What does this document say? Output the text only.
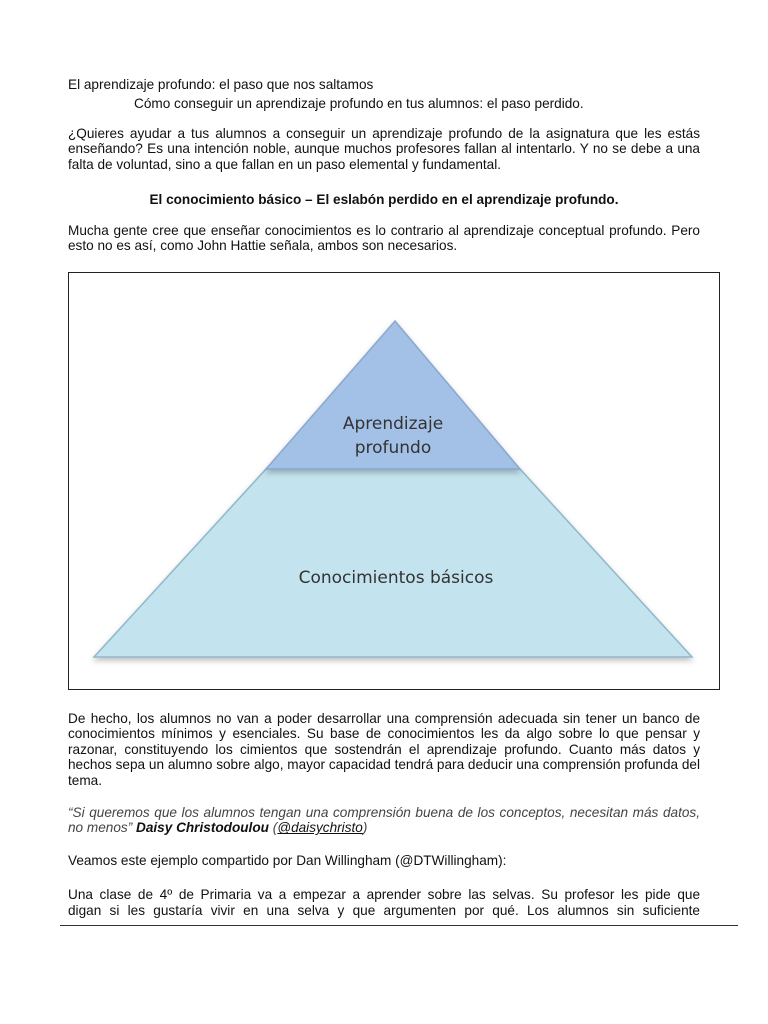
El aprendizaje profundo: el paso que nos saltamos
Cómo conseguir un aprendizaje profundo en tus alumnos: el paso perdido.
¿Quieres ayudar a tus alumnos a conseguir un aprendizaje profundo de la asignatura que les estás enseñando? Es una intención noble, aunque muchos profesores fallan al intentarlo. Y no se debe a una falta de voluntad, sino a que fallan en un paso elemental y fundamental.
El conocimiento básico – El eslabón perdido en el aprendizaje profundo.
Mucha gente cree que enseñar conocimientos es lo contrario al aprendizaje conceptual profundo. Pero esto no es así, como John Hattie señala, ambos son necesarios.
Aprendizaje
profundo
Conocimientos básicos
De hecho, los alumnos no van a poder desarrollar una comprensión adecuada sin tener un banco de conocimientos mínimos y esenciales. Su base de conocimientos les da algo sobre lo que pensar y razonar, constituyendo los cimientos que sostendrán el aprendizaje profundo. Cuanto más datos y hechos sepa un alumno sobre algo, mayor capacidad tendrá para deducir una comprensión profunda del tema.
“Si queremos que los alumnos tengan una comprensión buena de los conceptos, necesitan más datos, no menos” Daisy Christodoulou (@daisychristo)
Veamos este ejemplo compartido por Dan Willingham (@DTWillingham):
Una clase de 4º de Primaria va a empezar a aprender sobre las selvas. Su profesor les pide que
digan si les gustaría vivir en una selva y que argumenten por qué. Los alumnos sin suficiente
